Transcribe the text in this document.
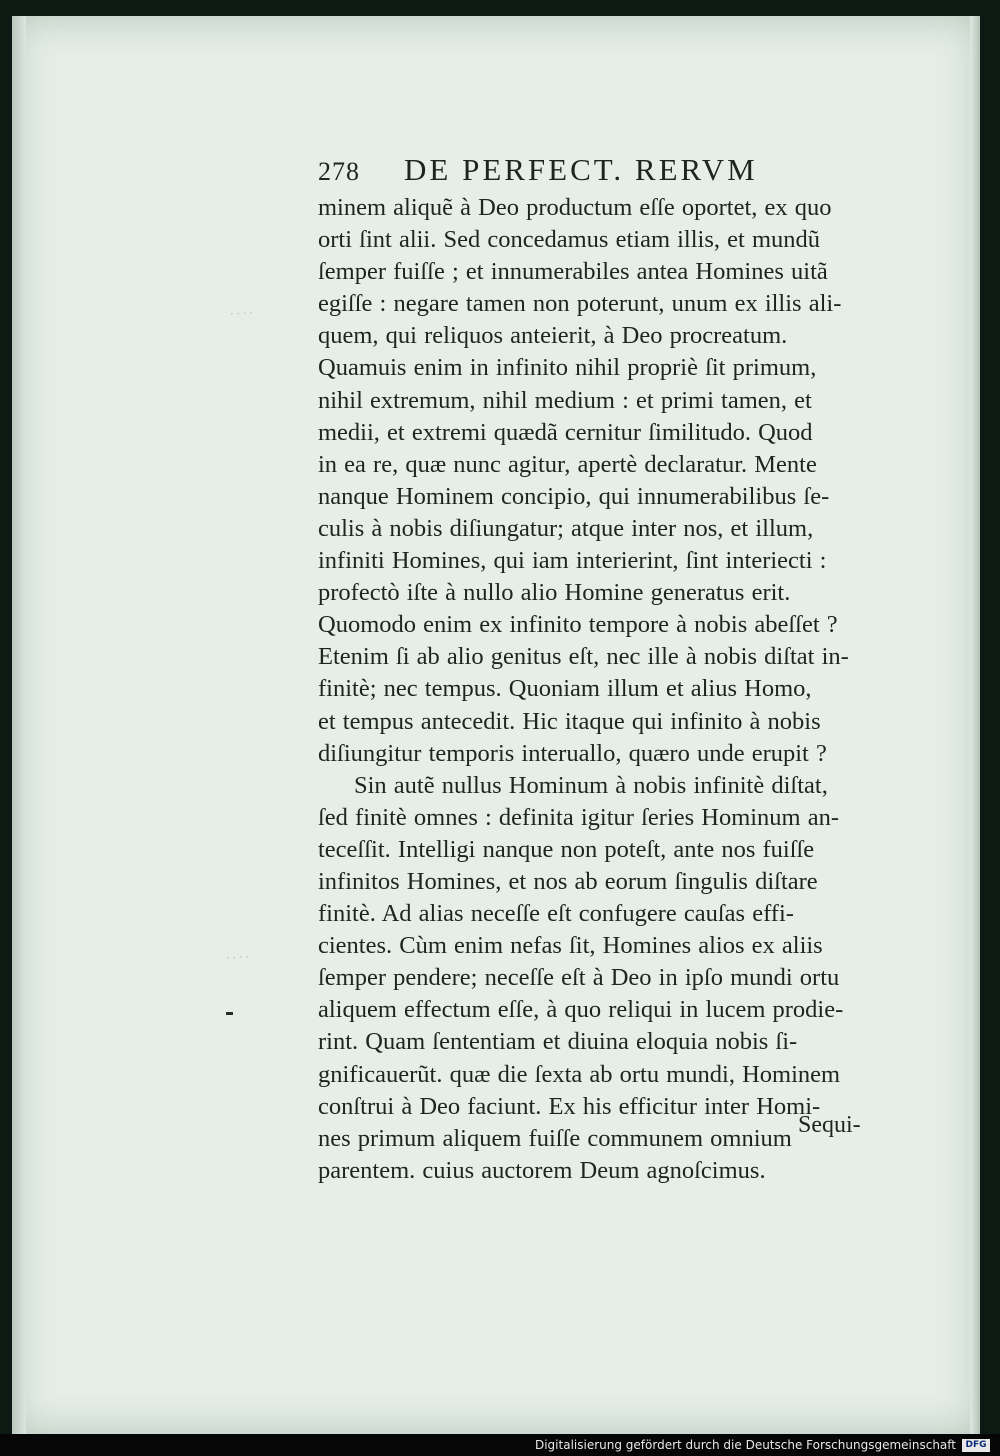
· · · ·
· · · ·
278 DE PERFECT. RERVM
minem aliquẽ à Deo productum eſſe oportet, ex quo
orti ſint alii. Sed concedamus etiam illis, et mundũ
ſemper fuiſſe ; et innumerabiles antea Homines uitã
egiſſe : negare tamen non poterunt, unum ex illis ali-
quem, qui reliquos anteierit, à Deo procreatum.
Quamuis enim in infinito nihil propriè ſit primum,
nihil extremum, nihil medium : et primi tamen, et
medii, et extremi quædã cernitur ſimilitudo. Quod
in ea re, quæ nunc agitur, apertè declaratur. Mente
nanque Hominem concipio, qui innumerabilibus ſe-
culis à nobis diſiungatur; atque inter nos, et illum,
infiniti Homines, qui iam interierint, ſint interiecti :
profectò iſte à nullo alio Homine generatus erit.
Quomodo enim ex infinito tempore à nobis abeſſet ?
Etenim ſi ab alio genitus eſt, nec ille à nobis diſtat in-
finitè; nec tempus. Quoniam illum et alius Homo,
et tempus antecedit. Hic itaque qui infinito à nobis
diſiungitur temporis interuallo, quæro unde erupit ?
Sin autẽ nullus Hominum à nobis infinitè diſtat,
ſed finitè omnes : definita igitur ſeries Hominum an-
teceſſit. Intelligi nanque non poteſt, ante nos fuiſſe
infinitos Homines, et nos ab eorum ſingulis diſtare
finitè. Ad alias neceſſe eſt confugere cauſas effi-
cientes. Cùm enim nefas ſit, Homines alios ex aliis
ſemper pendere; neceſſe eſt à Deo in ipſo mundi ortu
aliquem effectum eſſe, à quo reliqui in lucem prodie-
rint. Quam ſententiam et diuina eloquia nobis ſi-
gnificauerũt. quæ die ſexta ab ortu mundi, Hominem
conſtrui à Deo faciunt. Ex his efficitur inter Homi-
nes primum aliquem fuiſſe communem omnium
parentem. cuius auctorem Deum agnoſcimus.
Sequi-
Digitalisierung gefördert durch die Deutsche Forschungsgemeinschaft	DFG
